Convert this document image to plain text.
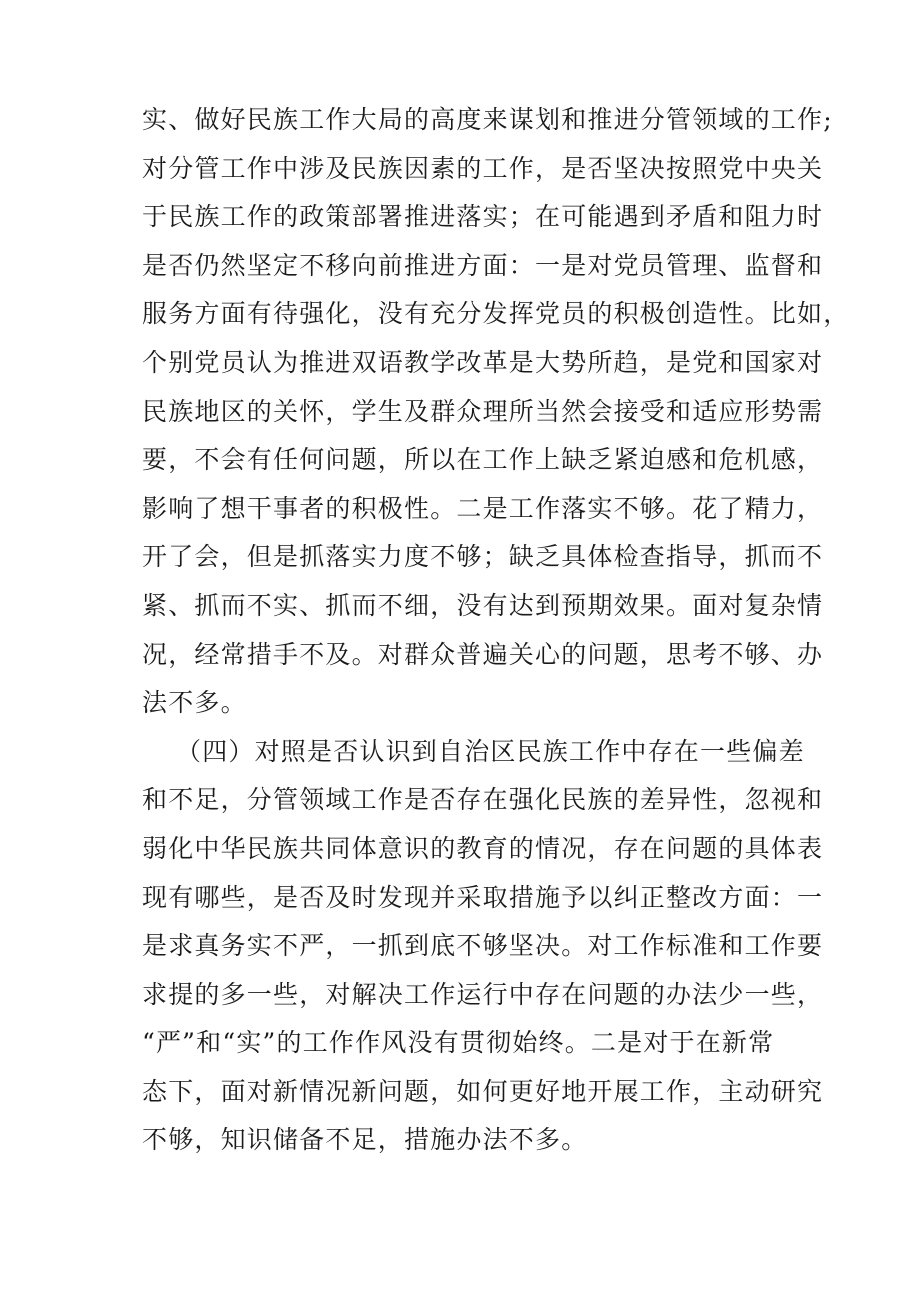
实、做好民族工作大局的高度来谋划和推进分管领域的工作;
对分管工作中涉及民族因素的工作，是否坚决按照党中央关
于民族工作的政策部署推进落实；在可能遇到矛盾和阻力时
是否仍然坚定不移向前推进方面：一是对党员管理、监督和
服务方面有待强化，没有充分发挥党员的积极创造性。比如，
个别党员认为推进双语教学改革是大势所趋，是党和国家对
民族地区的关怀，学生及群众理所当然会接受和适应形势需
要，不会有任何问题，所以在工作上缺乏紧迫感和危机感，
影响了想干事者的积极性。二是工作落实不够。花了精力，
开了会，但是抓落实力度不够；缺乏具体检查指导，抓而不
紧、抓而不实、抓而不细，没有达到预期效果。面对复杂情
况，经常措手不及。对群众普遍关心的问题，思考不够、办
法不多。
（四）对照是否认识到自治区民族工作中存在一些偏差
和不足，分管领域工作是否存在强化民族的差异性，忽视和
弱化中华民族共同体意识的教育的情况，存在问题的具体表
现有哪些，是否及时发现并采取措施予以纠正整改方面：一
是求真务实不严，一抓到底不够坚决。对工作标准和工作要
求提的多一些，对解决工作运行中存在问题的办法少一些，
“严”和“实”的工作作风没有贯彻始终。二是对于在新常
态下，面对新情况新问题，如何更好地开展工作，主动研究
不够，知识储备不足，措施办法不多。
